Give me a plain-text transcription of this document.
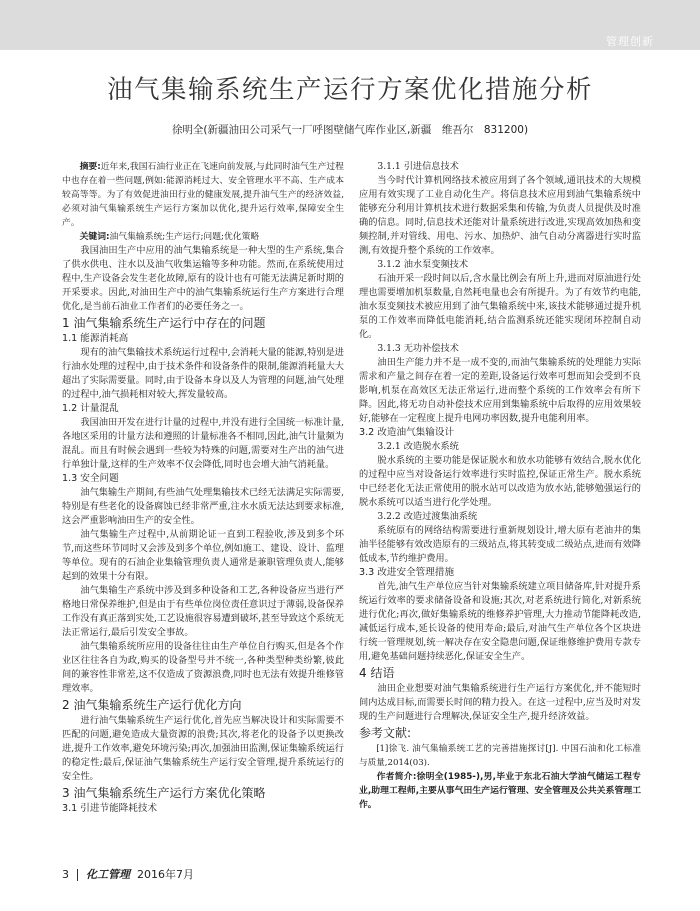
管理创新
油气集输系统生产运行方案优化措施分析
徐明全(新疆油田公司采气一厂呼图壁储气库作业区,新疆　维吾尔　831200)

摘要:近年来,我国石油行业正在飞速向前发展,与此同时油气生产过程中也存在着一些问题,例如:能源消耗过大、安全管理水平不高、生产成本较高等等。为了有效促进油田行业的健康发展,提升油气生产的经济效益,必须对油气集输系统生产运行方案加以优化,提升运行效率,保障安全生产。

关键词:油气集输系统;生产运行;问题;优化策略

我国油田生产中应用的油气集输系统是一种大型的生产系统,集合了供水供电、注水以及油气收集运输等多种功能。然而,在系统使用过程中,生产设备会发生老化故障,原有的设计也有可能无法满足新时期的开采要求。因此,对油田生产中的油气集输系统运行生产方案进行合理优化,是当前石油业工作者们的必要任务之一。

1 油气集输系统生产运行中存在的问题
1.1 能源消耗高

现有的油气集输技术系统运行过程中,会消耗大量的能源,特别是进行油水处理的过程中,由于技术条件和设备条件的限制,能源消耗量大大超出了实际需要量。同时,由于设备本身以及人为管理的问题,油气处理的过程中,油气损耗相对较大,挥发量较高。

1.2 计量混乱

我国油田开发在进行计量的过程中,并没有进行全国统一标准计量,各地区采用的计量方法和遵照的计量标准各不相同,因此,油气计量频为混乱。而且有时候会遇到一些较为特殊的问题,需要对生产出的油气进行单独计量,这样的生产效率不仅会降低,同时也会增大油气消耗量。

1.3 安全问题

油气集输生产期间,有些油气处理集输技术已经无法满足实际需要,特别是有些老化的设备腐蚀已经非常严重,注水水质无法达到要求标准,这会严重影响油田生产的安全性。

油气集输生产过程中,从前期论证一直到工程验收,涉及到多个环节,而这些环节同时又会涉及到多个单位,例如施工、建设、设计、监理等单位。现有的石油企业集输管理负责人通常是兼职管理负责人,能够起到的效果十分有限。

油气集输生产系统中涉及到多种设备和工艺,各种设备应当进行严格地日常保养维护,但是由于有些单位岗位责任意识过于薄弱,设备保养工作没有真正落到实处,工艺设施很容易遭到破坏,甚至导致这个系统无法正常运行,最后引发安全事故。

油气集输系统所应用的设备往往由生产单位自行购买,但是各个作业区往往各自为政,购买的设备型号并不统一,各种类型种类纷繁,彼此间的兼容性非常差,这不仅造成了资源浪费,同时也无法有效提升维修管理效率。

2 油气集输系统生产运行优化方向

进行油气集输系统生产运行优化,首先应当解决设计和实际需要不匹配的问题,避免造成大量资源的浪费;其次,将老化的设备予以更换改进,提升工作效率,避免环境污染;再次,加强油田监测,保证集输系统运行的稳定性;最后,保证油气集输系统生产运行安全管理,提升系统运行的安全性。

3 油气集输系统生产运行方案优化策略
3.1 引进节能降耗技术
3.1.1 引进信息技术

当今时代计算机网络技术被应用到了各个领域,通讯技术的大规模应用有效实现了工业自动化生产。将信息技术应用到油气集输系统中能够充分利用计算机技术进行数据采集和传输,为负责人员提供及时准确的信息。同时,信息技术还能对计量系统进行改进,实现高效加热和变频控制,并对管线、用电、污水、加热炉、油气自动分离器进行实时监测,有效提升整个系统的工作效率。

3.1.2 油水泵变频技术

石油开采一段时间以后,含水量比例会有所上升,进而对原油进行处理也需要增加机泵数量,自然耗电量也会有所提升。为了有效节约电能,油水泵变频技术被应用到了油气集输系统中来,该技术能够通过提升机泵的工作效率而降低电能消耗,结合监测系统还能实现闭环控制自动化。

3.1.3 无功补偿技术

油田生产能力并不是一成不变的,而油气集输系统的处理能力实际需求和产量之间存在着一定的差距,设备运行效率可想而知会受到不良影响,机泵在高效区无法正常运行,进而整个系统的工作效率会有所下降。因此,将无功自动补偿技术应用到集输系统中后取得的应用效果较好,能够在一定程度上提升电网功率因数,提升电能利用率。

3.2 改造油气集输设计
3.2.1 改造脱水系统

脱水系统的主要功能是保证脱水和放水功能够有效结合,脱水优化的过程中应当对设备运行效率进行实时监控,保证正常生产。脱水系统中已经老化无法正常使用的脱水站可以改造为放水站,能够勉强运行的脱水系统可以适当进行化学处理。

3.2.2 改造过渡集油系统

系统原有的网络结构需要进行重新规划设计,增大原有老油井的集油半径能够有效改造原有的三级站点,将其转变成二级站点,进而有效降低成本,节约维护费用。

3.3 改进安全管理措施

首先,油气生产单位应当针对集输系统建立项目储备库,针对提升系统运行效率的要求储备设备和设施;其次,对老系统进行简化,对新系统进行优化;再次,做好集输系统的维修养护管理,大力推动节能降耗改造,减低运行成本,延长设备的使用寿命;最后,对油气生产单位各个区块进行统一管理规划,统一解决存在安全隐患问题,保证维修维护费用专款专用,避免基础问题持续恶化,保证安全生产。

4 结语

油田企业想要对油气集输系统进行生产运行方案优化,并不能短时间内达成目标,而需要长时间的精力投入。在这一过程中,应当及时对发现的生产问题进行合理解决,保证安全生产,提升经济效益。

参考文献:

[1]徐飞. 油气集输系统工艺的完善措施探讨[J]. 中国石油和化工标准与质量,2014(03).

作者简介:徐明全(1985-),男,毕业于东北石油大学油气储运工程专业,助理工程师,主要从事气田生产运行管理、安全管理及公共关系管理工作。

3 化工管理 2016年7月
